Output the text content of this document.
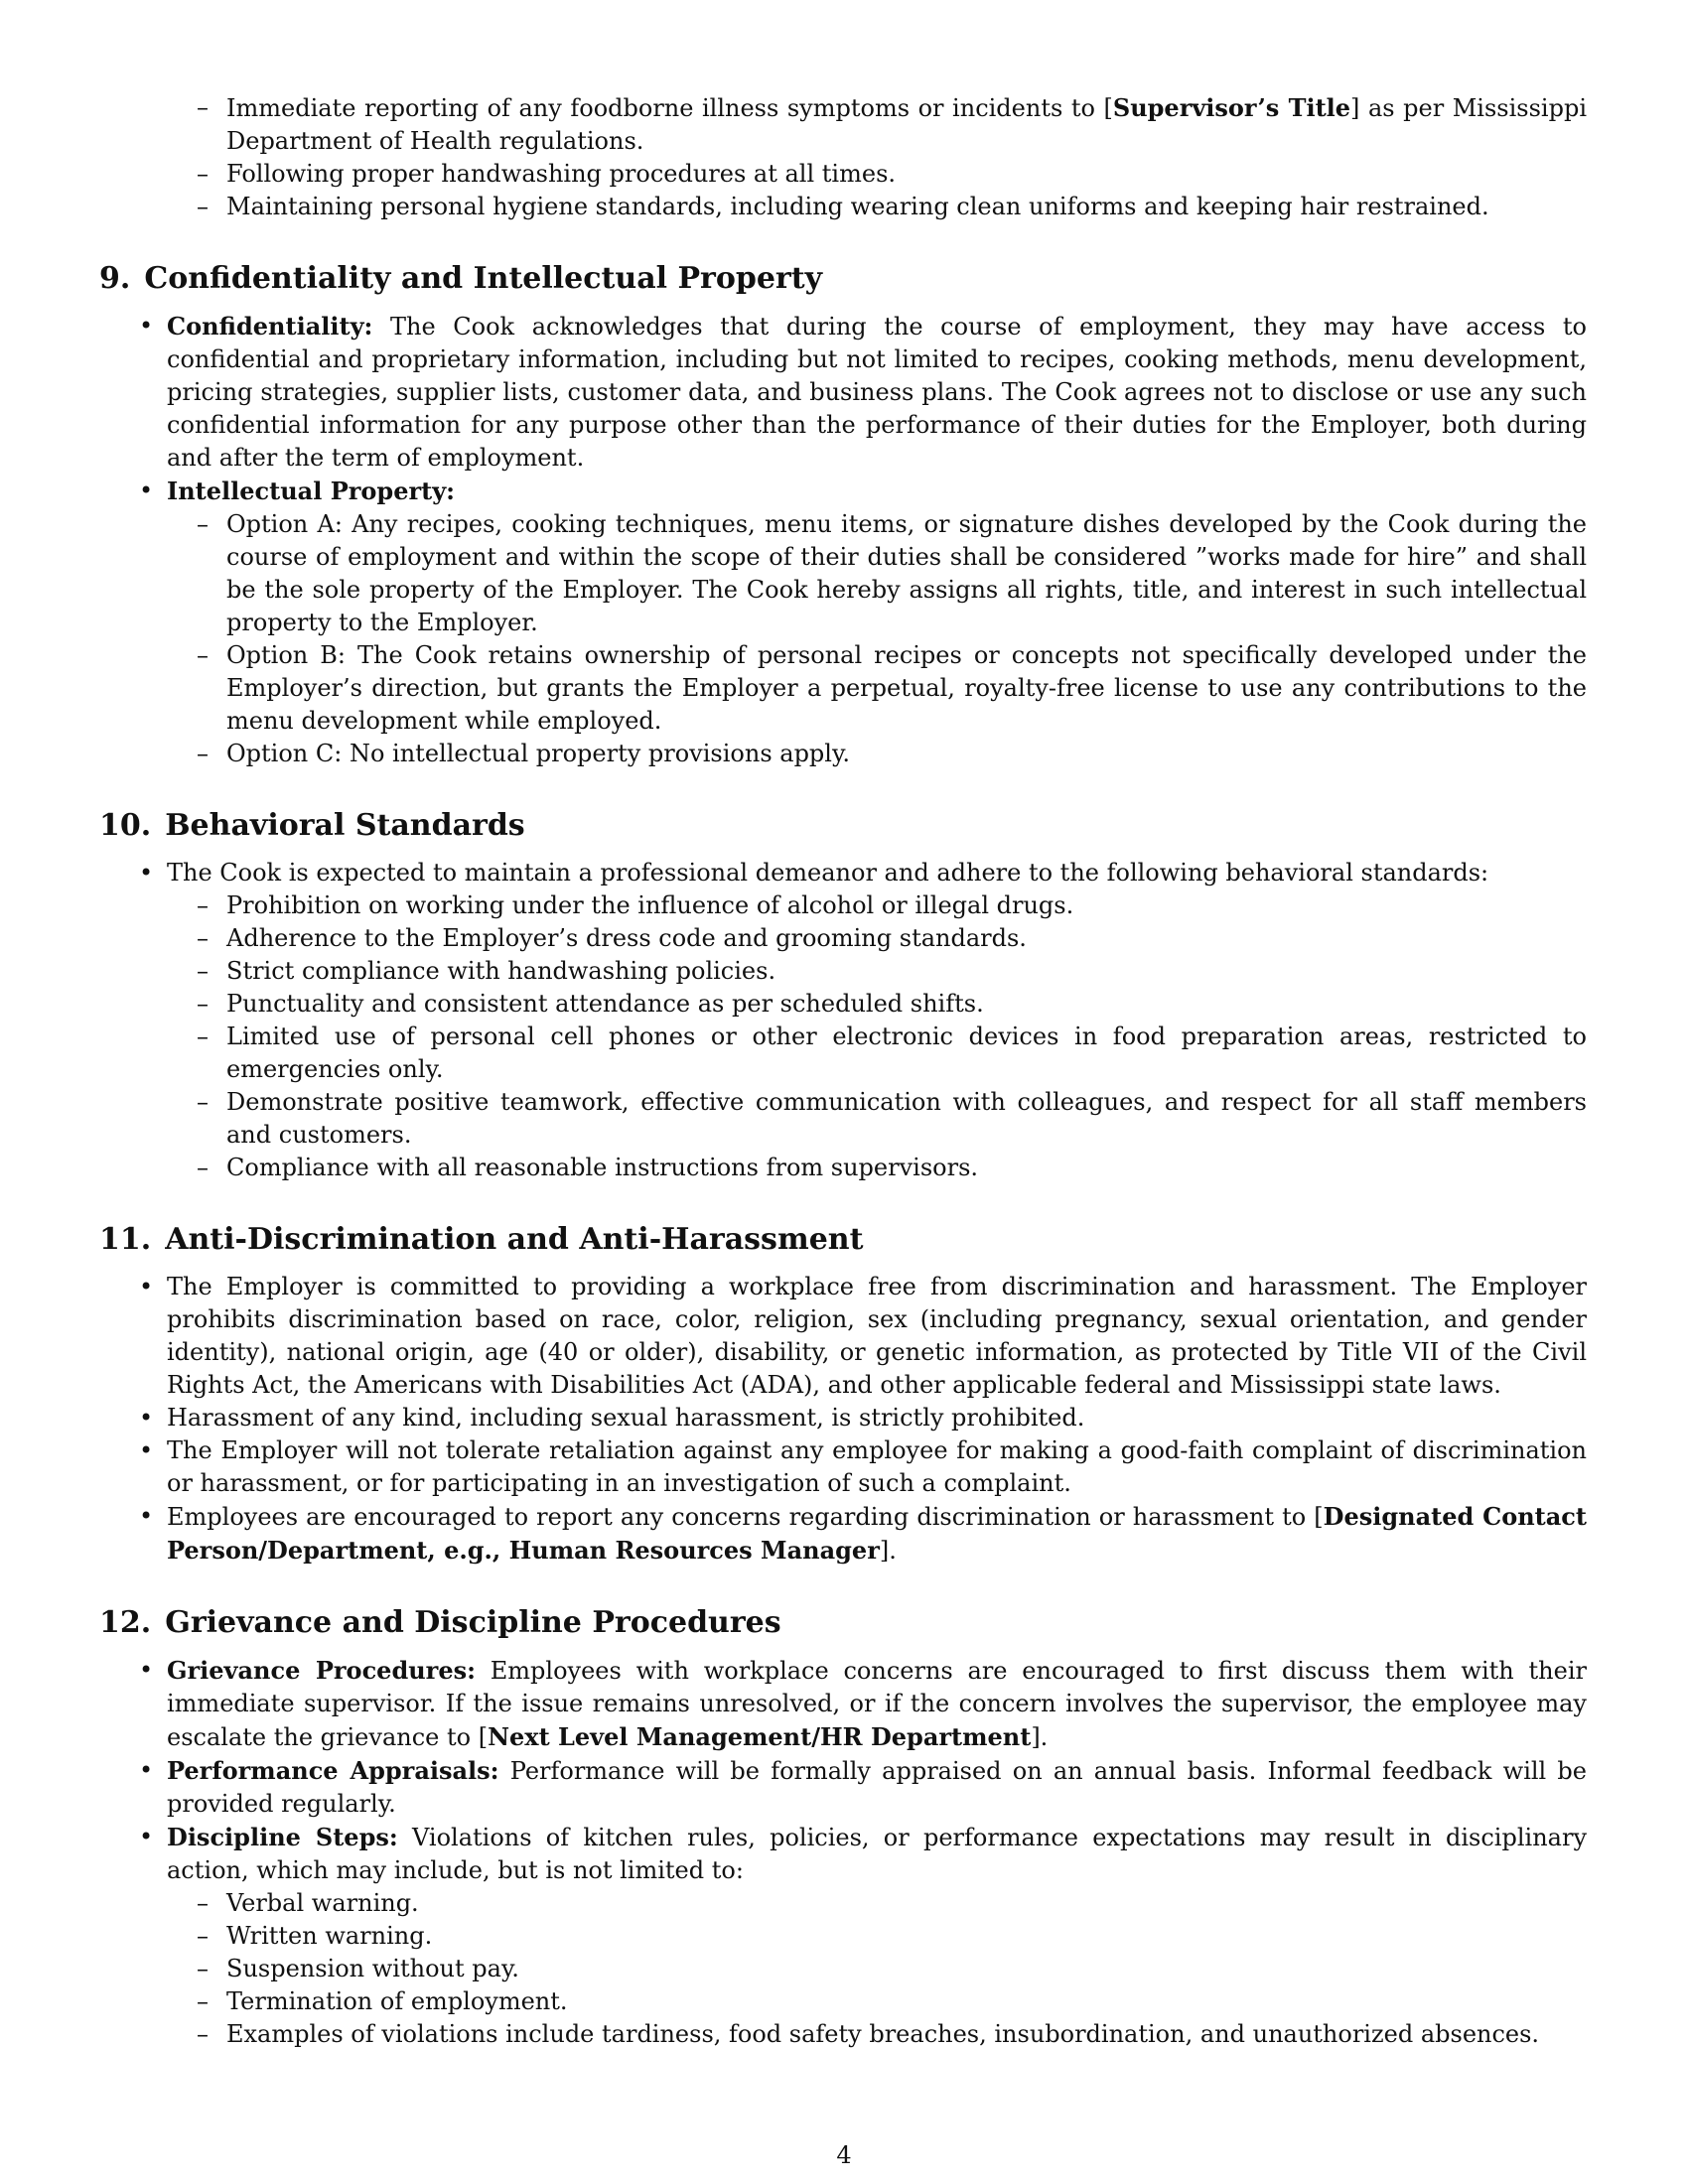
– Immediate reporting of any foodborne illness symptoms or incidents to [Supervisor’s Title] as per Mississippi Department of Health regulations.
– Following proper handwashing procedures at all times.
– Maintaining personal hygiene standards, including wearing clean uniforms and keeping hair restrained.
9. Confidentiality and Intellectual Property
• Confidentiality: The Cook acknowledges that during the course of employment, they may have access to confidential and proprietary information, including but not limited to recipes, cooking methods, menu development, pricing strategies, supplier lists, customer data, and business plans. The Cook agrees not to disclose or use any such confidential information for any purpose other than the performance of their duties for the Employer, both during and after the term of employment.
• Intellectual Property:
– Option A: Any recipes, cooking techniques, menu items, or signature dishes developed by the Cook during the course of employment and within the scope of their duties shall be considered ”works made for hire” and shall be the sole property of the Employer. The Cook hereby assigns all rights, title, and interest in such intellectual property to the Employer.
– Option B: The Cook retains ownership of personal recipes or concepts not specifically developed under the Employer’s direction, but grants the Employer a perpetual, royalty-free license to use any contributions to the menu development while employed.
– Option C: No intellectual property provisions apply.
10. Behavioral Standards
• The Cook is expected to maintain a professional demeanor and adhere to the following behavioral standards:
– Prohibition on working under the influence of alcohol or illegal drugs.
– Adherence to the Employer’s dress code and grooming standards.
– Strict compliance with handwashing policies.
– Punctuality and consistent attendance as per scheduled shifts.
– Limited use of personal cell phones or other electronic devices in food preparation areas, restricted to emergencies only.
– Demonstrate positive teamwork, effective communication with colleagues, and respect for all staff members and customers.
– Compliance with all reasonable instructions from supervisors.
11. Anti-Discrimination and Anti-Harassment
• The Employer is committed to providing a workplace free from discrimination and harassment. The Employer prohibits discrimination based on race, color, religion, sex (including pregnancy, sexual orientation, and gender identity), national origin, age (40 or older), disability, or genetic information, as protected by Title VII of the Civil Rights Act, the Americans with Disabilities Act (ADA), and other applicable federal and Mississippi state laws.
• Harassment of any kind, including sexual harassment, is strictly prohibited.
• The Employer will not tolerate retaliation against any employee for making a good-faith complaint of discrimination or harassment, or for participating in an investigation of such a complaint.
• Employees are encouraged to report any concerns regarding discrimination or harassment to [Designated Contact Person/Department, e.g., Human Resources Manager].
12. Grievance and Discipline Procedures
• Grievance Procedures: Employees with workplace concerns are encouraged to first discuss them with their immediate supervisor. If the issue remains unresolved, or if the concern involves the supervisor, the employee may escalate the grievance to [Next Level Management/HR Department].
• Performance Appraisals: Performance will be formally appraised on an annual basis. Informal feedback will be provided regularly.
• Discipline Steps: Violations of kitchen rules, policies, or performance expectations may result in disciplinary action, which may include, but is not limited to:
– Verbal warning.
– Written warning.
– Suspension without pay.
– Termination of employment.
– Examples of violations include tardiness, food safety breaches, insubordination, and unauthorized absences.
4
